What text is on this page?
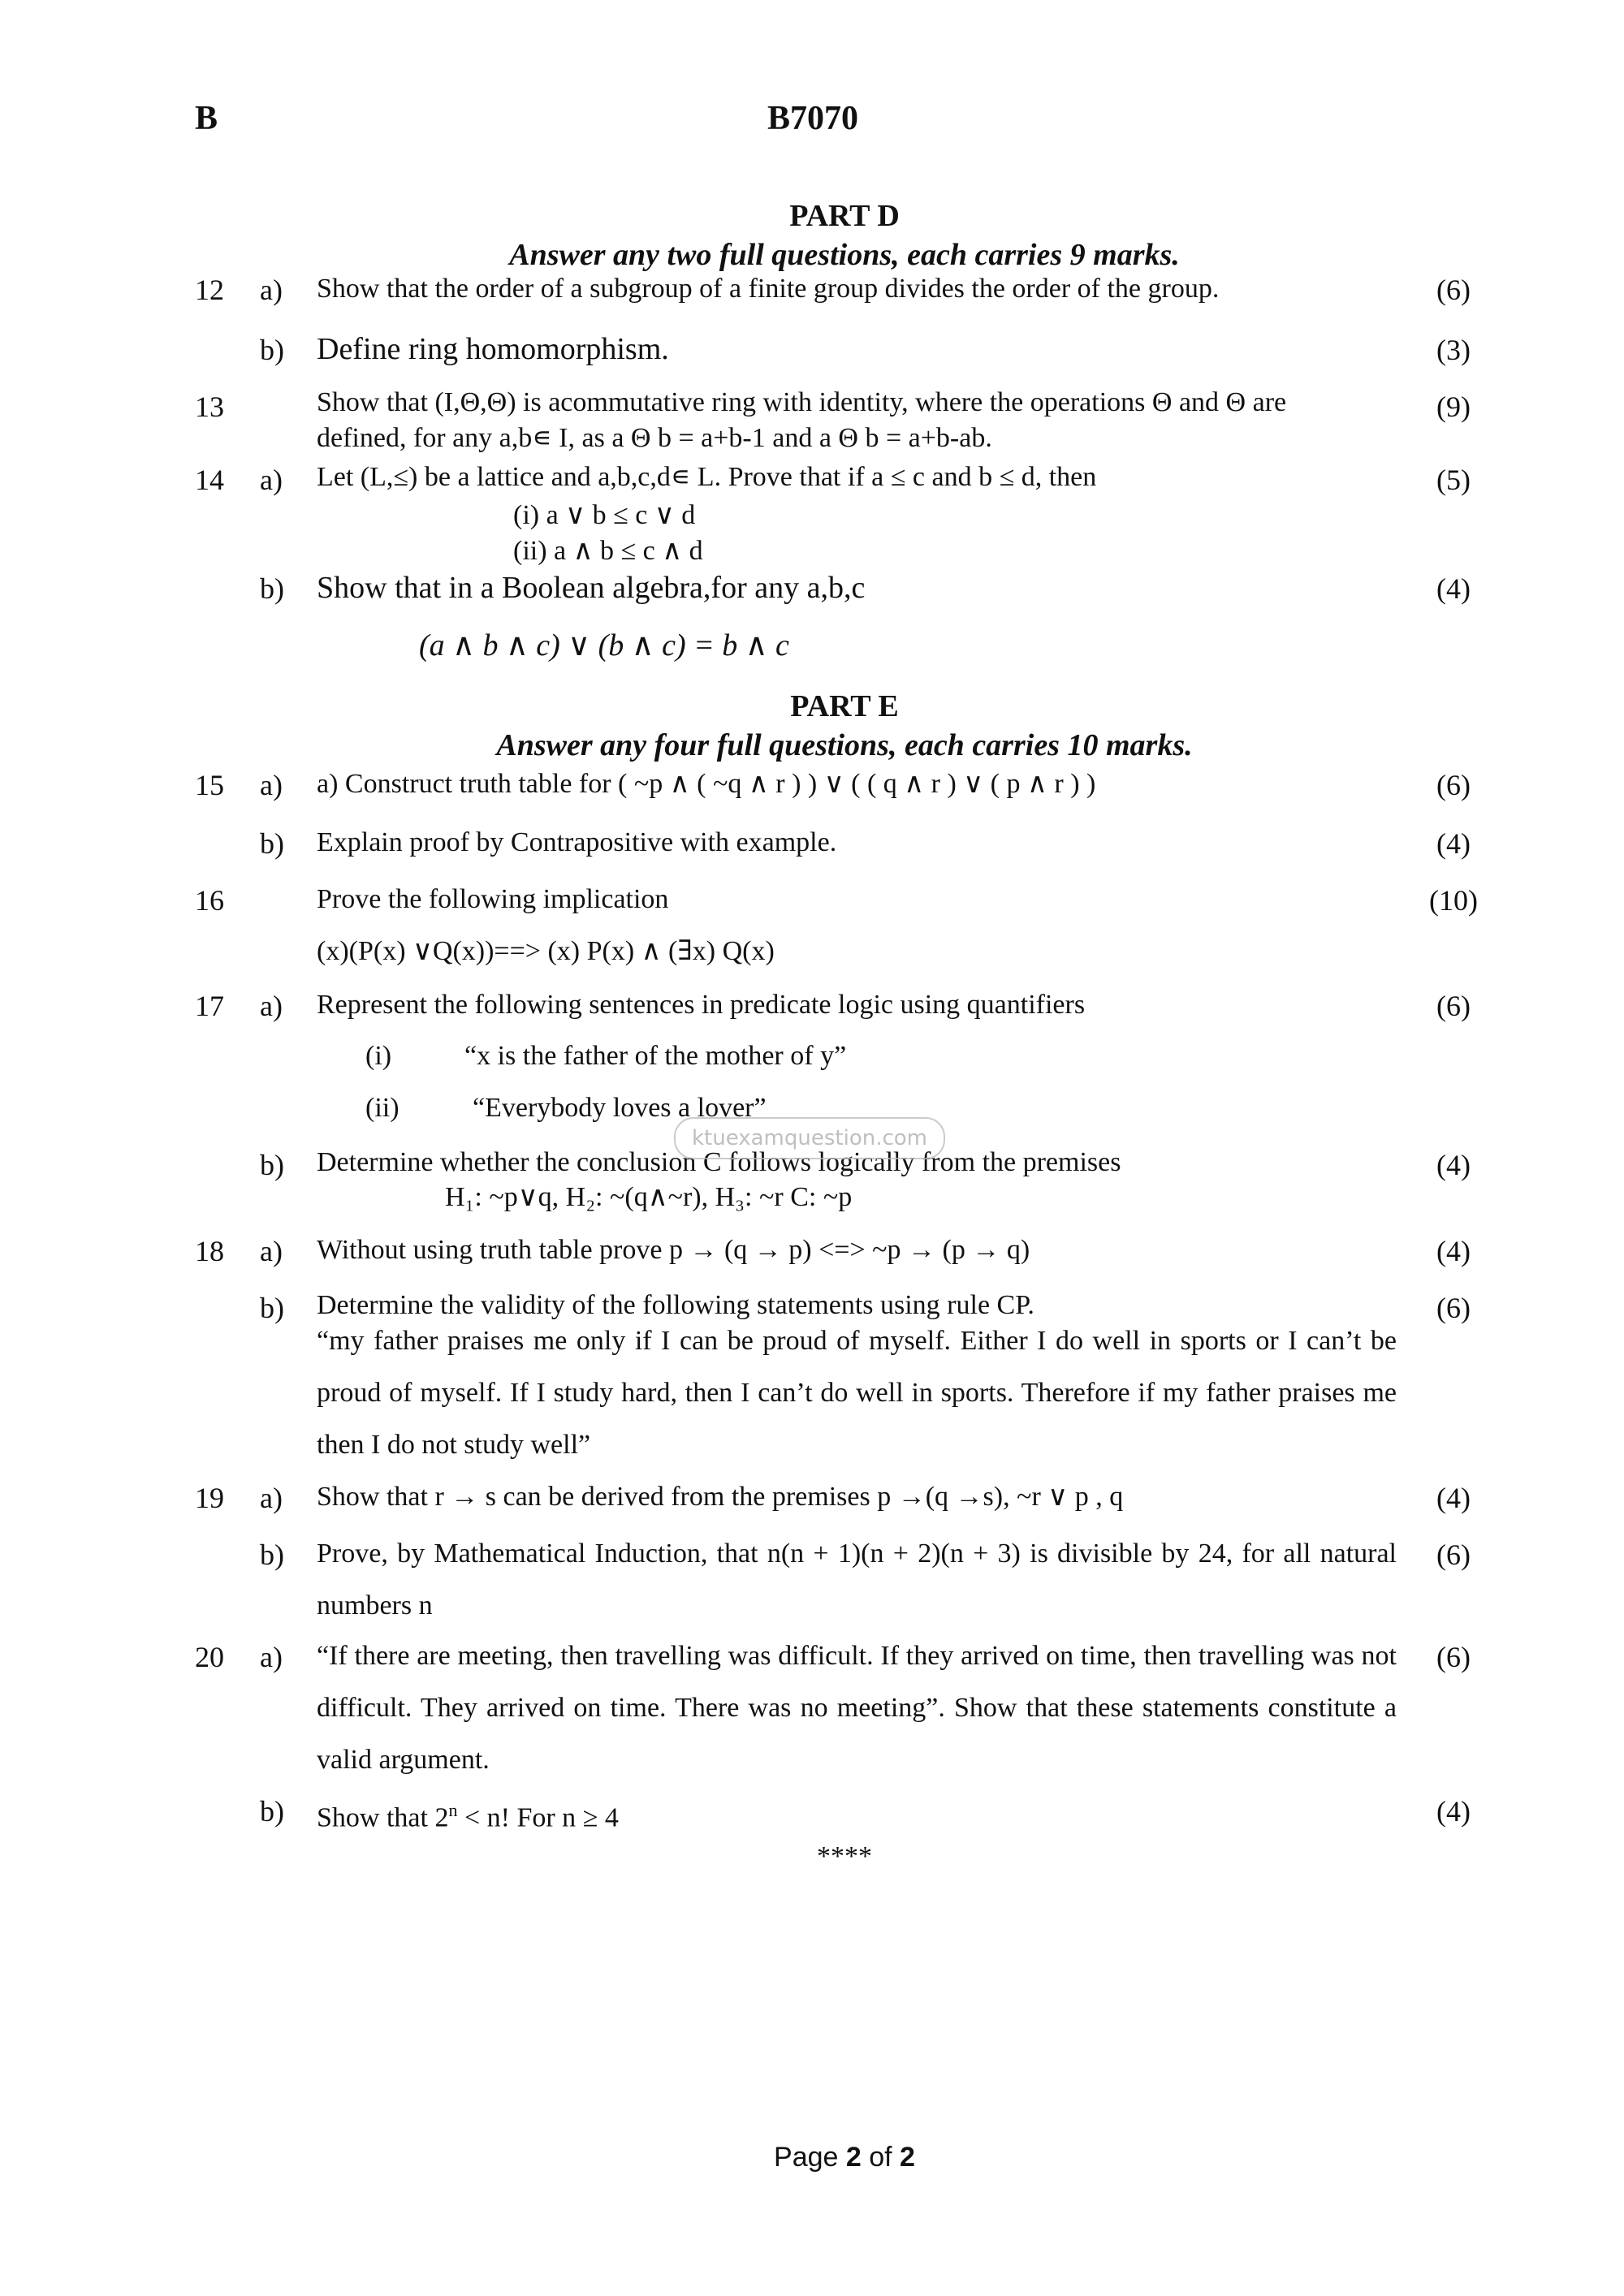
B	B7070
PART D
Answer any two full questions, each carries 9 marks.
12 a) Show that the order of a subgroup of a finite group divides the order of the group.	(6)
b) Define ring homomorphism.	(3)
13	Show that (I,Θ,Θ) is acommutative ring with identity, where the operations Θ and Θ are
defined, for any a,b∊ I, as a Θ b = a+b-1 and a Θ b = a+b-ab.
(9)
14 a) Let (L,≤) be a lattice and a,b,c,d∊ L. Prove that if a ≤ c and b ≤ d, then	(5)
(i) a ∨ b ≤ c ∨ d
(ii) a ∧ b ≤ c ∧ d
b) Show that in a Boolean algebra,for any a,b,c	(4)
(a ∧ b ∧ c) ∨ (b ∧ c) = b ∧ c
PART E
Answer any four full questions, each carries 10 marks.
15 a) a) Construct truth table for ( ~p ∧ ( ~q ∧ r ) ) ∨ ( ( q ∧ r ) ∨ ( p ∧ r ) )	(6)
b) Explain proof by Contrapositive with example.	(4)
16	Prove the following implication	(10)
(x)(P(x) ∨Q(x))==> (x) P(x) ∧ (∃x) Q(x)
17 a) Represent the following sentences in predicate logic using quantifiers	(6)
(i)	“x is the father of the mother of y”
(ii)	“Everybody loves a lover”
b) Determine whether the conclusion C follows logically from the premises	(4)
H₁: ~p∨q, H₂: ~(q∧~r), H₃: ~r C: ~p
ktuexamquestion.com
18 a) Without using truth table prove p → (q → p) <=> ~p → (p → q)	(4)
b) Determine the validity of the following statements using rule CP.	(6)
“my father praises me only if I can be proud of myself. Either I do well in sports or I can’t be proud of myself. If I study hard, then I can’t do well in sports. Therefore if my father praises me then I do not study well”
19 a) Show that r → s can be derived from the premises p →(q →s), ~r ∨ p , q	(4)
b) Prove, by Mathematical Induction, that n(n + 1)(n + 2)(n + 3) is divisible by 24, for all natural numbers n
(6)
20 a) “If there are meeting, then travelling was difficult. If they arrived on time, then travelling was not difficult. They arrived on time. There was no meeting”. Show that these statements constitute a valid argument.
(6)
b) Show that $2^n < n$! For n ≥ 4	(4)
****
Page 2 of 2
